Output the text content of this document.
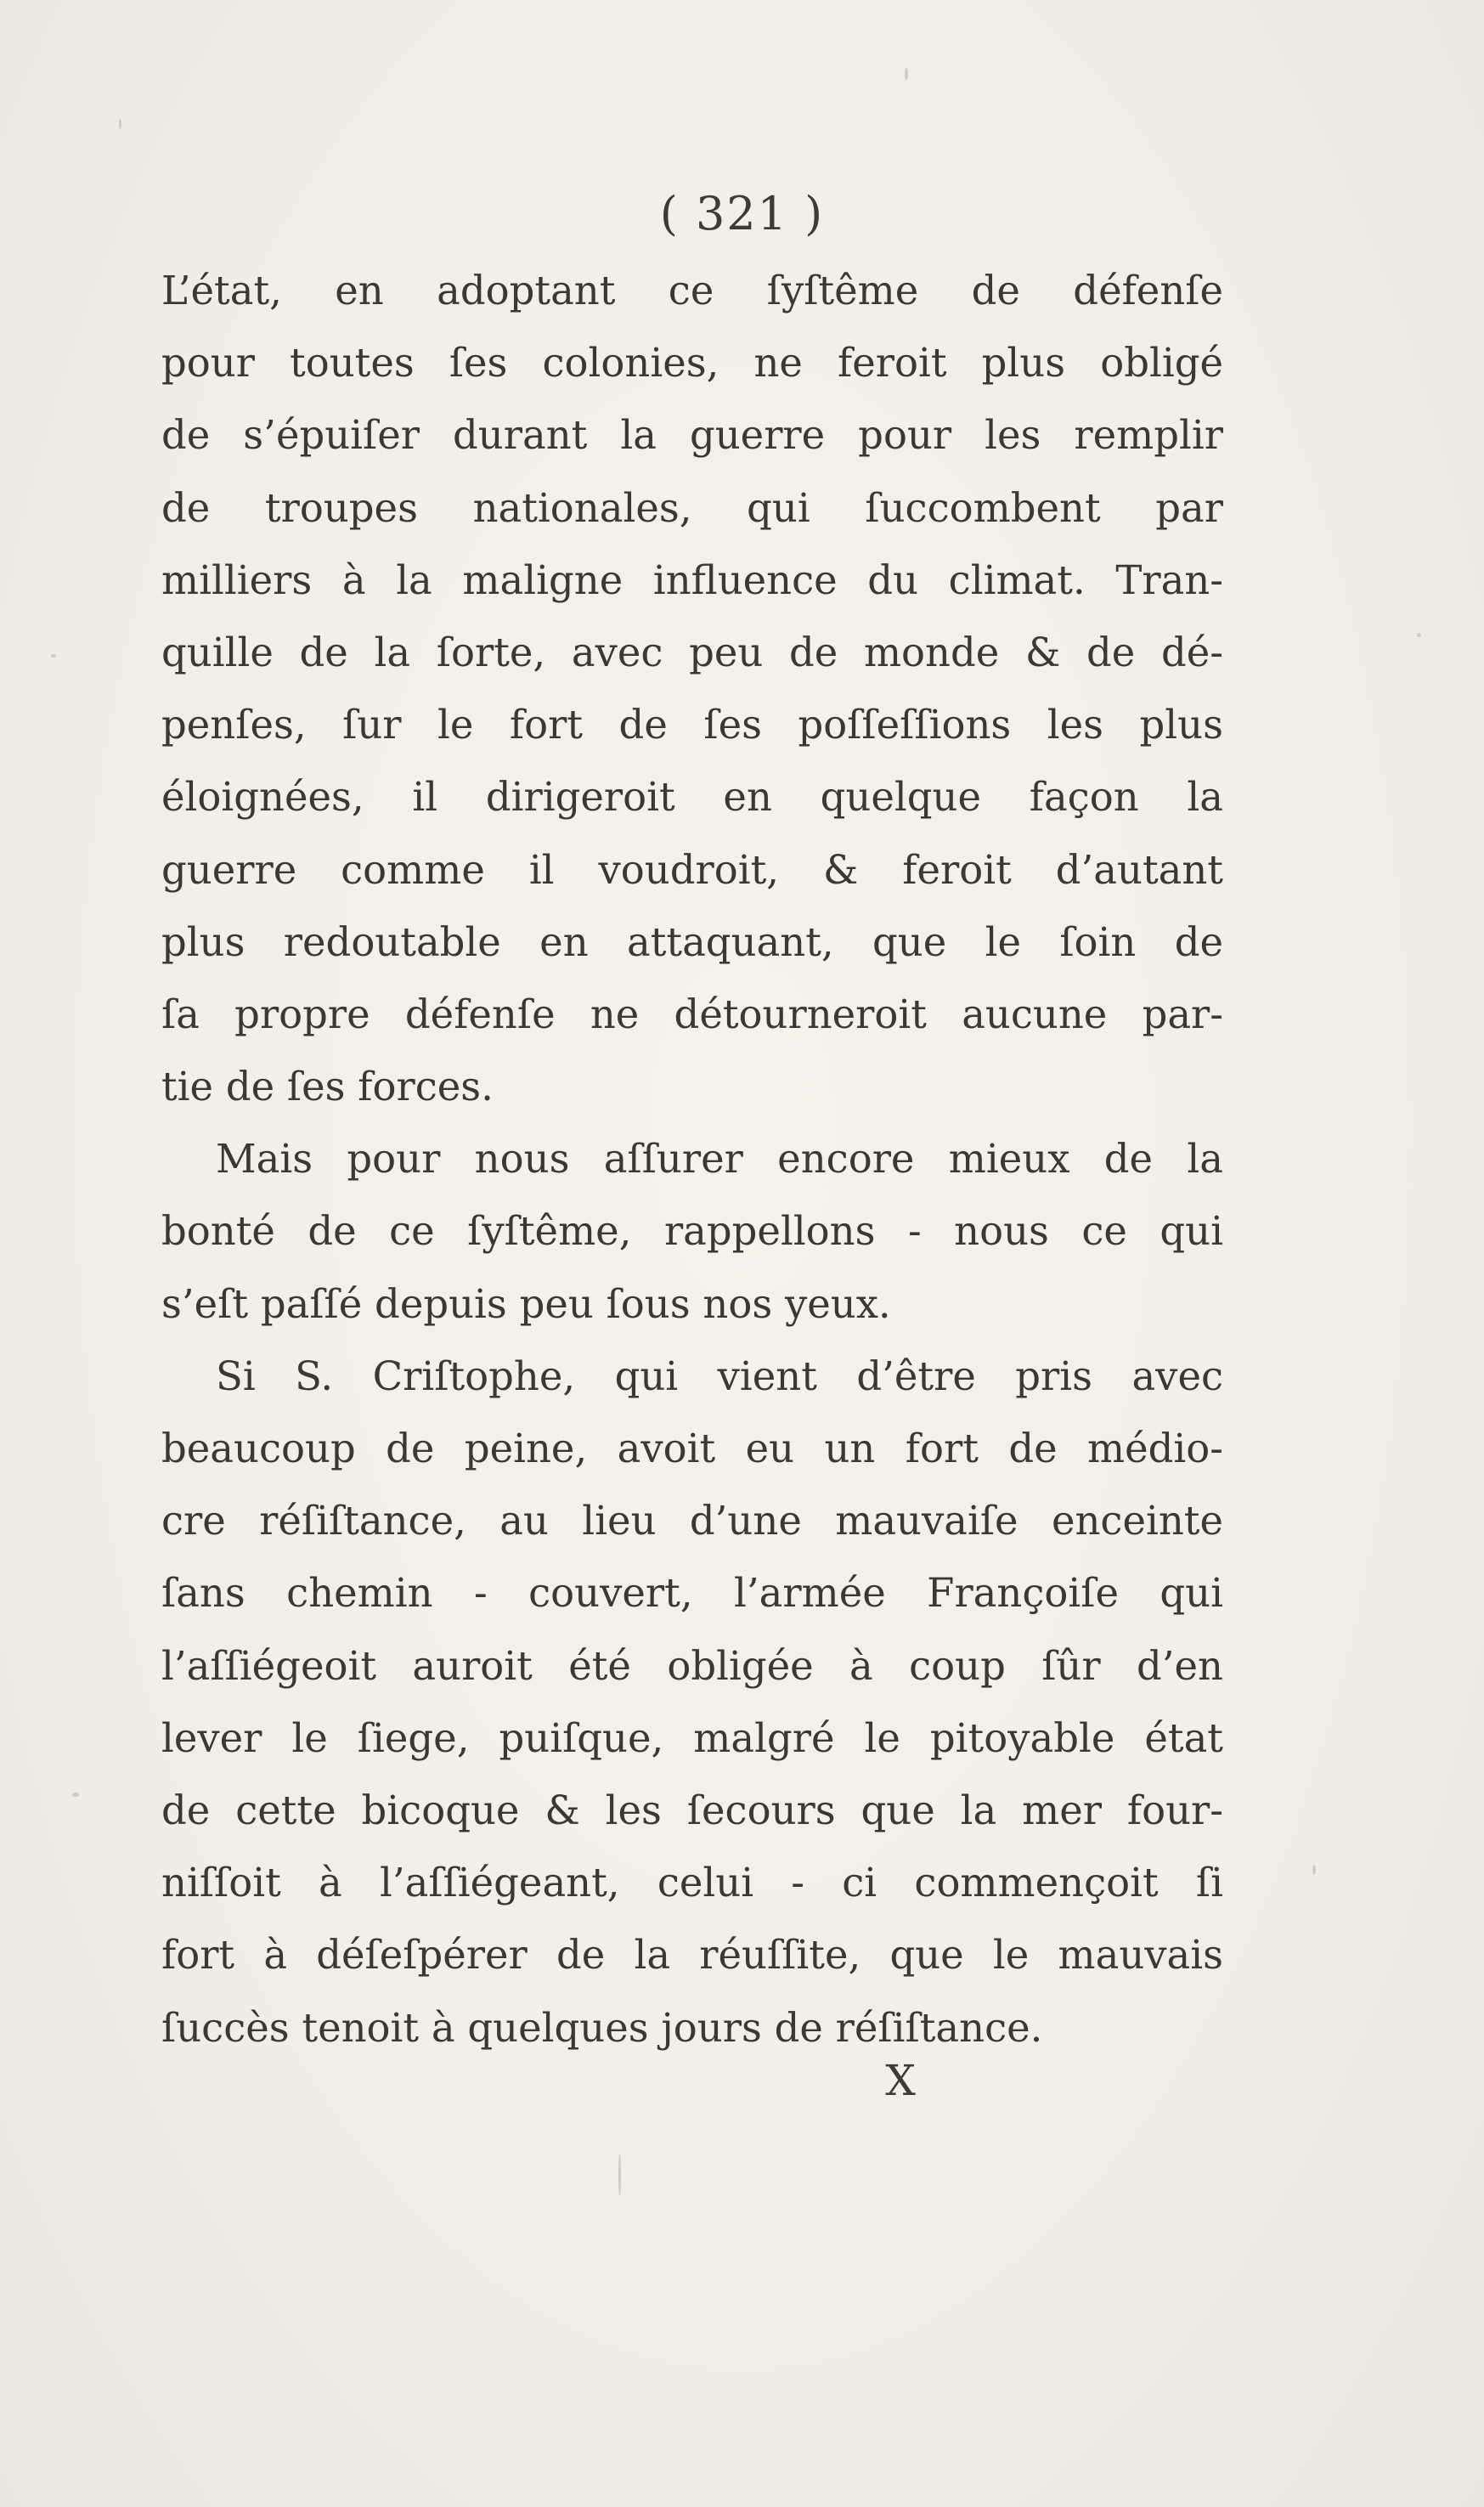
( 321 )
L’état, en adoptant ce ſyſtême de défenſe
pour toutes ſes colonies, ne feroit plus obligé
de s’épuiſer durant la guerre pour les remplir
de troupes nationales, qui ſuccombent par
milliers à la maligne influence du climat. Tran-
quille de la ſorte, avec peu de monde & de dé-
penſes, ſur le fort de ſes poſſeſſions les plus
éloignées, il dirigeroit en quelque façon la
guerre comme il voudroit, & feroit d’autant
plus redoutable en attaquant, que le ſoin de
ſa propre défenſe ne détourneroit aucune par-
tie de ſes forces.
Mais pour nous aſſurer encore mieux de la
bonté de ce ſyſtême, rappellons - nous ce qui
s’eſt paſſé depuis peu ſous nos yeux.
Si S. Criſtophe, qui vient d’être pris avec
beaucoup de peine, avoit eu un fort de médio-
cre réſiſtance, au lieu d’une mauvaiſe enceinte
ſans chemin - couvert, l’armée Françoiſe qui
l’aſſiégeoit auroit été obligée à coup ſûr d’en
lever le ſiege, puiſque, malgré le pitoyable état
de cette bicoque & les ſecours que la mer four-
niſſoit à l’aſſiégeant, celui - ci commençoit ſi
fort à déſeſpérer de la réuſſite, que le mauvais
ſuccès tenoit à quelques jours de réſiſtance.
X
